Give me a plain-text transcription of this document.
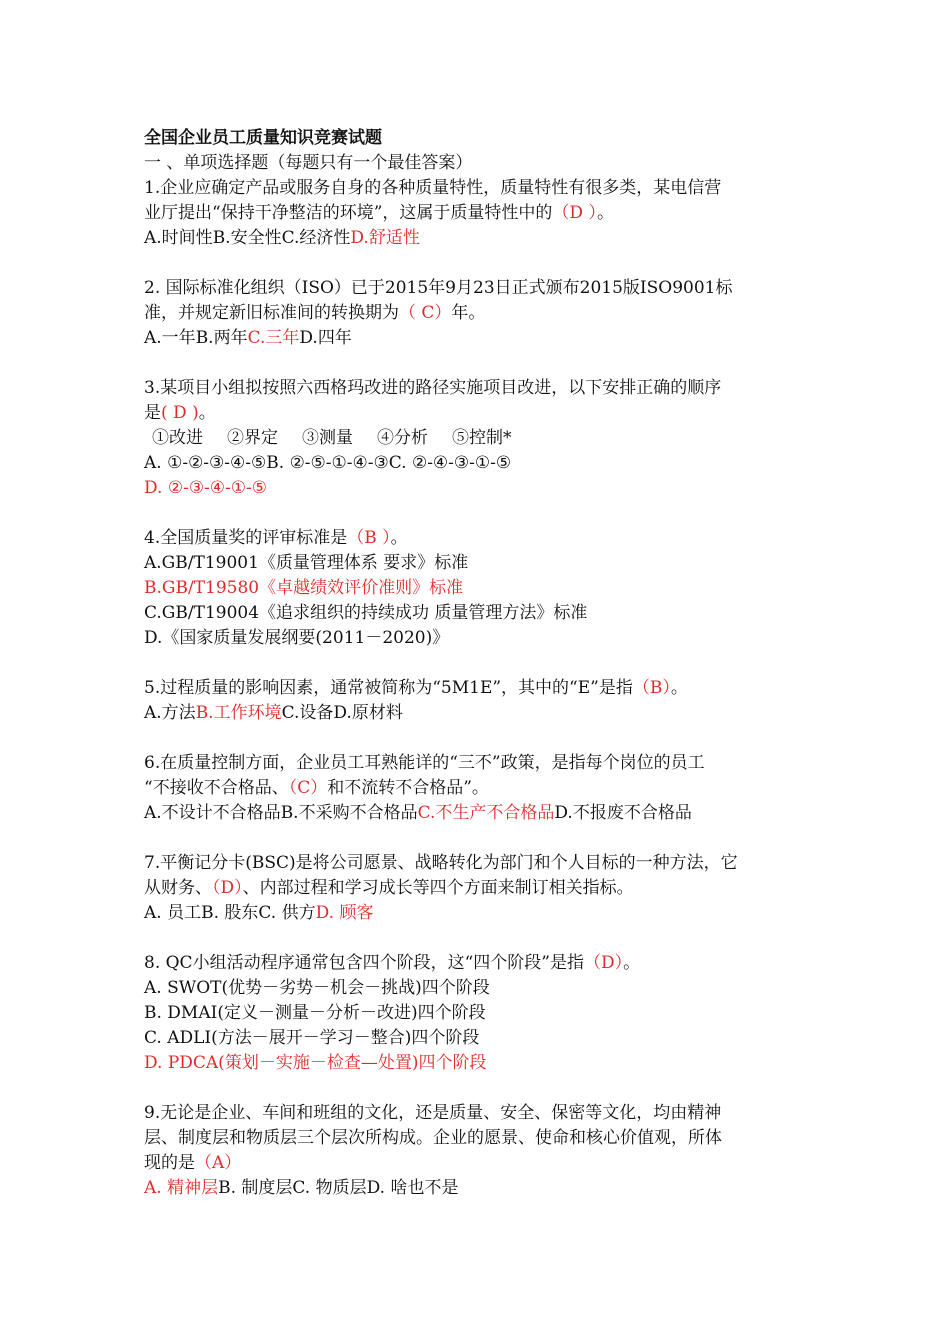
全国企业员工质量知识竞赛试题
一 、单项选择题（每题只有一个最佳答案）
1.企业应确定产品或服务自身的各种质量特性，质量特性有很多类，某电信营
业厅提出“保持干净整洁的环境”，这属于质量特性中的（D ）。
A.时间性B.安全性C.经济性D.舒适性
2. 国际标准化组织（ISO）已于2015年9月23日正式颁布2015版ISO9001标
准，并规定新旧标准间的转换期为（ C）年。
A.一年B.两年C.三年D.四年
3.某项目小组拟按照六西格玛改进的路径实施项目改进，以下安排正确的顺序
是( D )。
①改进 ②界定 ③测量 ④分析 ⑤控制*
A. ①-②-③-④-⑤B. ②-⑤-①-④-③C. ②-④-③-①-⑤
D. ②-③-④-①-⑤
4.全国质量奖的评审标准是（B ）。
A.GB/T19001《质量管理体系 要求》标准
B.GB/T19580《卓越绩效评价准则》标准
C.GB/T19004《追求组织的持续成功 质量管理方法》标准
D.《国家质量发展纲要(2011－2020)》
5.过程质量的影响因素，通常被简称为“5M1E”，其中的“E”是指（B）。
A.方法B.工作环境C.设备D.原材料
6.在质量控制方面，企业员工耳熟能详的“三不”政策，是指每个岗位的员工
“不接收不合格品、（C）和不流转不合格品”。
A.不设计不合格品B.不采购不合格品C.不生产不合格品D.不报废不合格品
7.平衡记分卡(BSC)是将公司愿景、战略转化为部门和个人目标的一种方法，它
从财务、（D）、内部过程和学习成长等四个方面来制订相关指标。
A. 员工B. 股东C. 供方D. 顾客
8. QC小组活动程序通常包含四个阶段，这“四个阶段”是指（D）。
A. SWOT(优势－劣势－机会－挑战)四个阶段
B. DMAI(定义－测量－分析－改进)四个阶段
C. ADLI(方法－展开－学习－整合)四个阶段
D. PDCA(策划－实施－检查—处置)四个阶段
9.无论是企业、车间和班组的文化，还是质量、安全、保密等文化，均由精神
层、制度层和物质层三个层次所构成。企业的愿景、使命和核心价值观，所体
现的是（A）
A. 精神层B. 制度层C. 物质层D. 啥也不是
